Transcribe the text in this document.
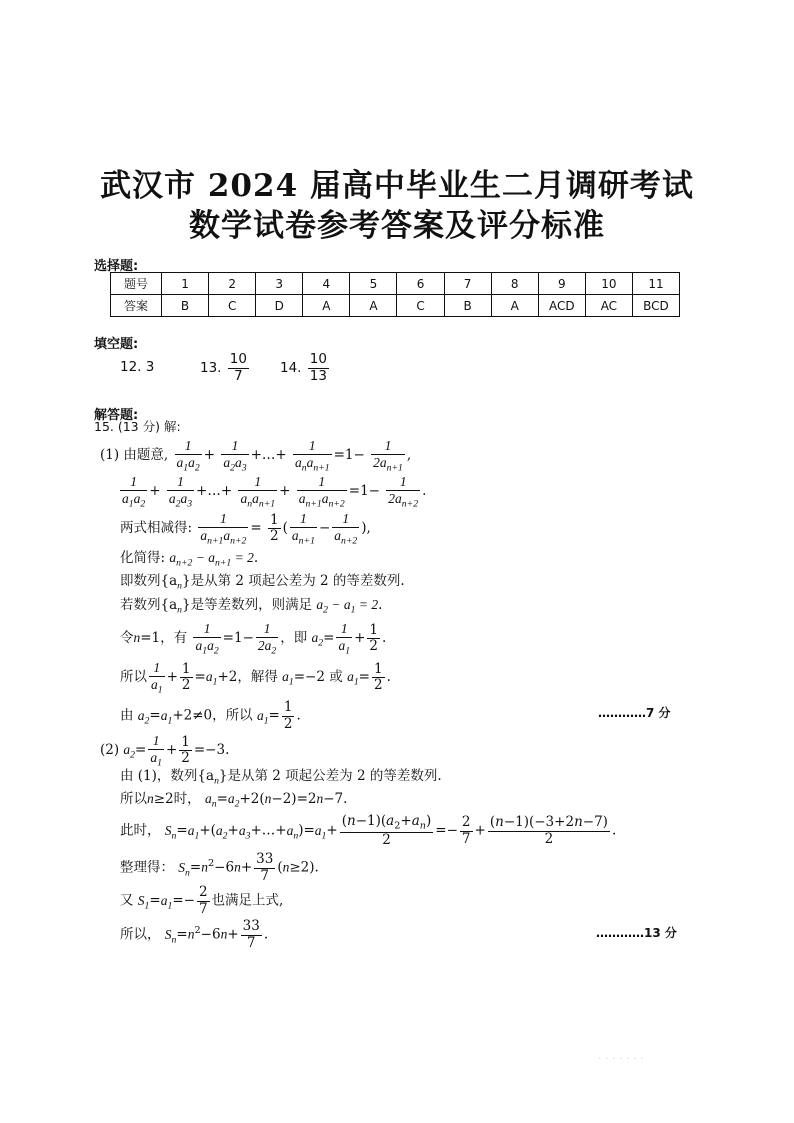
武汉市 2024 届高中毕业生二月调研考试
数学试卷参考答案及评分标准
选择题:
题号	1	2	3	4	5	6	7	8	9	10	11
答案	B	C	D	A	A	C	B	A	ACD	AC	BCD
填空题:
12. 3	13. $\frac{10}{7} 14$. $\frac{10}{13}$
解答题:
15. (13 分) 解:
(1) 由题意, $\frac{1}{a_1a_2} + \frac{1}{a_2a_3}$ +…+ $\frac{1}{a_na_{n+1}} =1- \frac{1}{2a_{n+1}}$ ,
$\frac{1}{a_1a_2} + \frac{1}{a_2a_3}$ +…+ $\frac{1}{a_na_{n+1}} + \frac{1}{a_{n+1}a_{n+2}} =1- \frac{1}{2a_{n+2}}$ .
两式相减得: $\frac{1}{a_{n+1}a_{n+2}} = \frac{1}{2}$ ( $\frac{1}{a_{n+1}} - \frac{1}{a_{n+2}}$ ),
化简得: $a_{n+2} - a_{n+1} = 2$.
即数列$\{a_n\}$是从第 2 项起公差为 2 的等差数列.
若数列$\{a_n\}$是等差数列，则满足 $a_2 - a_1 = 2$.
令n=1，有 $\frac{1}{a_1a_2} =1- \frac{1}{2a_2}$ ，即 $a_2= \frac{1}{a_1} + \frac{1}{2}$ .
所以 $\frac{1}{a_1} + \frac{1}{2} =a_1+2$，解得 $a_1=-2$ 或 $a_1= \frac{1}{2}$ .
由 $a_2=a_1+2\ne 0$，所以 $a_1= \frac{1}{2}$ .	…………7 分
(2) $a_2= \frac{1}{a_1} + \frac{1}{2} =-3$.
由 (1)，数列$\{a_n\}$是从第 2 项起公差为 2 的等差数列.
所以n≥2时， $a_n=a_2+2(n-2)=2n-7$.
此时， $S_n=a_1+(a_2+a_3+\dots+a_n)=a_1+ \frac{(n-1)(a_2+a_n)}{2} =- \frac{2}{7} + \frac{(n-1)(-3+2n-7)}{2}$ .
整理得： $S_n=n^2-6n+ \frac{33}{7} (n\ge 2)$.
又 $S_1=a_1=- \frac{2}{7}$ 也满足上式,
所以， $S_n=n^2-6n+ \frac{33}{7}$ .	…………13 分
· · · · · · ·
